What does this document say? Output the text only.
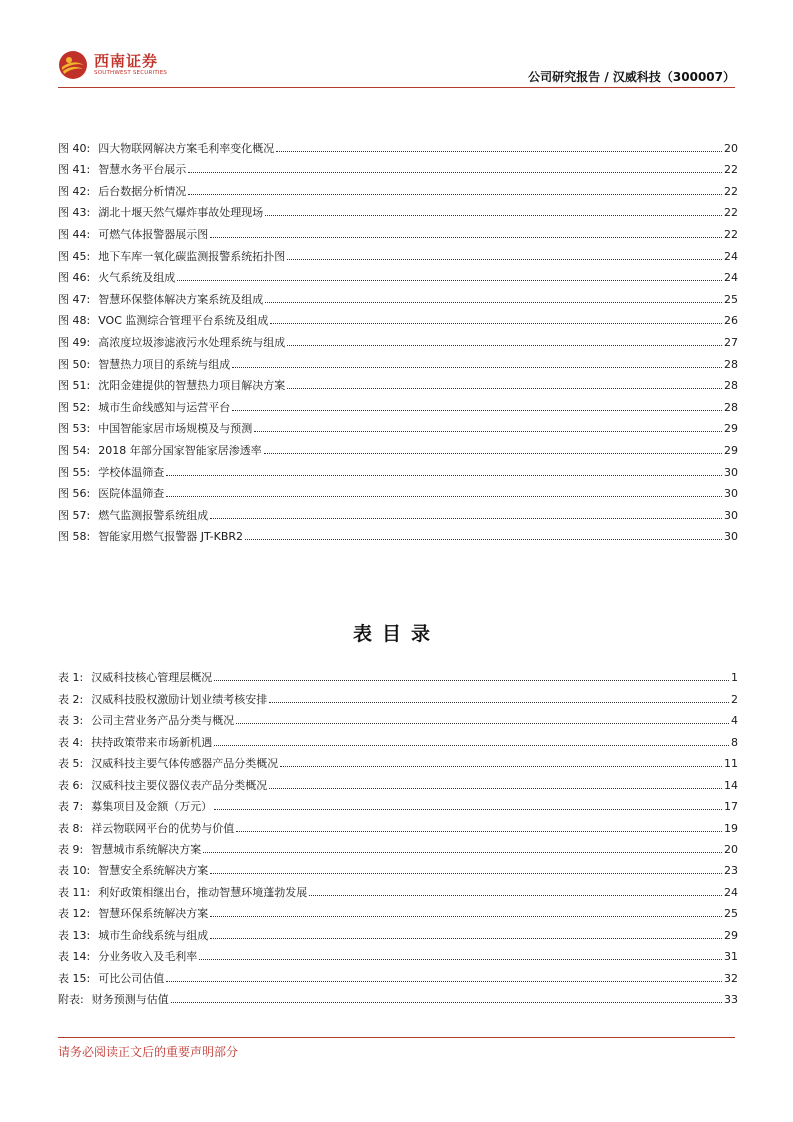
西南证券
SOUTHWEST SECURITIES	公司研究报告 / 汉威科技（300007）
图 40: 四大物联网解决方案毛利率变化概况	20
图 41: 智慧水务平台展示	22
图 42: 后台数据分析情况	22
图 43: 湖北十堰天然气爆炸事故处理现场	22
图 44: 可燃气体报警器展示图	22
图 45: 地下车库一氧化碳监测报警系统拓扑图	24
图 46: 火气系统及组成	24
图 47: 智慧环保整体解决方案系统及组成	25
图 48: VOC 监测综合管理平台系统及组成	26
图 49: 高浓度垃圾渗滤液污水处理系统与组成	27
图 50: 智慧热力项目的系统与组成	28
图 51: 沈阳金建提供的智慧热力项目解决方案	28
图 52: 城市生命线感知与运营平台	28
图 53: 中国智能家居市场规模及与预测	29
图 54: 2018 年部分国家智能家居渗透率	29
图 55: 学校体温筛查	30
图 56: 医院体温筛查	30
图 57: 燃气监测报警系统组成	30
图 58: 智能家用燃气报警器 JT-KBR2	30
表目录
表 1: 汉威科技核心管理层概况	1
表 2: 汉威科技股权激励计划业绩考核安排	2
表 3: 公司主营业务产品分类与概况	4
表 4: 扶持政策带来市场新机遇	8
表 5: 汉威科技主要气体传感器产品分类概况	11
表 6: 汉威科技主要仪器仪表产品分类概况	14
表 7: 募集项目及金额（万元）	17
表 8: 祥云物联网平台的优势与价值	19
表 9: 智慧城市系统解决方案	20
表 10: 智慧安全系统解决方案	23
表 11: 利好政策相继出台，推动智慧环境蓬勃发展	24
表 12: 智慧环保系统解决方案	25
表 13: 城市生命线系统与组成	29
表 14: 分业务收入及毛利率	31
表 15: 可比公司估值	32
附表: 财务预测与估值	33
请务必阅读正文后的重要声明部分
